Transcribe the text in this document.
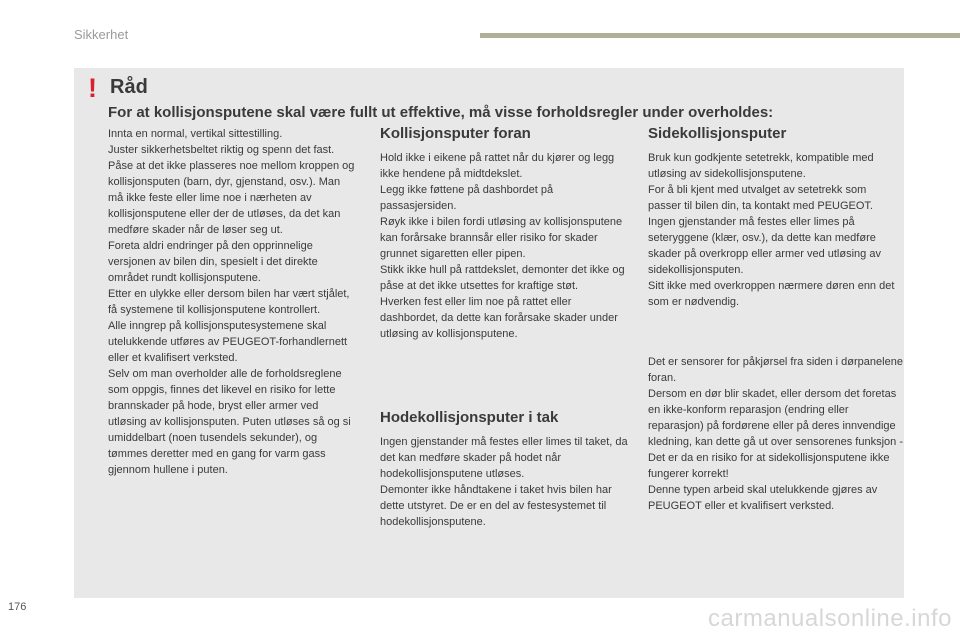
Sikkerhet
! Råd
For at kollisjonsputene skal være fullt ut effektive, må visse forholdsregler under overholdes:

Innta en normal, vertikal sittestilling.

Juster sikkerhetsbeltet riktig og spenn det fast.

Påse at det ikke plasseres noe mellom kroppen og kollisjonsputen (barn, dyr, gjenstand, osv.). Man må ikke feste eller lime noe i nærheten av kollisjonsputene eller der de utløses, da det kan medføre skader når de løser seg ut.

Foreta aldri endringer på den opprinnelige versjonen av bilen din, spesielt i det direkte området rundt kollisjonsputene.

Etter en ulykke eller dersom bilen har vært stjålet, få systemene til kollisjonsputene kontrollert.

Alle inngrep på kollisjonsputesystemene skal utelukkende utføres av PEUGEOT-forhandlernett eller et kvalifisert verksted.

Selv om man overholder alle de forholdsreglene som oppgis, finnes det likevel en risiko for lette brannskader på hode, bryst eller armer ved utløsing av kollisjonsputen. Puten utløses så og si umiddelbart (noen tusendels sekunder), og tømmes deretter med en gang for varm gass gjennom hullene i puten.

Kollisjonsputer foran

Hold ikke i eikene på rattet når du kjører og legg ikke hendene på midtdekslet.

Legg ikke føttene på dashbordet på passasjersiden.

Røyk ikke i bilen fordi utløsing av kollisjonsputene kan forårsake brannsår eller risiko for skader grunnet sigaretten eller pipen.

Stikk ikke hull på rattdekslet, demonter det ikke og påse at det ikke utsettes for kraftige støt.

Hverken fest eller lim noe på rattet eller dashbordet, da dette kan forårsake skader under utløsing av kollisjonsputene.

Hodekollisjonsputer i tak

Ingen gjenstander må festes eller limes til taket, da det kan medføre skader på hodet når hodekollisjonsputene utløses.

Demonter ikke håndtakene i taket hvis bilen har dette utstyret. De er en del av festesystemet til hodekollisjonsputene.

Sidekollisjonsputer

Bruk kun godkjente setetrekk, kompatible med utløsing av sidekollisjonsputene.

For å bli kjent med utvalget av setetrekk som passer til bilen din, ta kontakt med PEUGEOT.

Ingen gjenstander må festes eller limes på seteryggene (klær, osv.), da dette kan medføre skader på overkropp eller armer ved utløsing av sidekollisjonsputen.

Sitt ikke med overkroppen nærmere døren enn det som er nødvendig.

Det er sensorer for påkjørsel fra siden i dørpanelene foran.

Dersom en dør blir skadet, eller dersom det foretas en ikke-konform reparasjon (endring eller reparasjon) på fordørene eller på deres innvendige kledning, kan dette gå ut over sensorenes funksjon - Det er da en risiko for at sidekollisjonsputene ikke fungerer korrekt!

Denne typen arbeid skal utelukkende gjøres av PEUGEOT eller et kvalifisert verksted.

176	carmanualsonline.info
